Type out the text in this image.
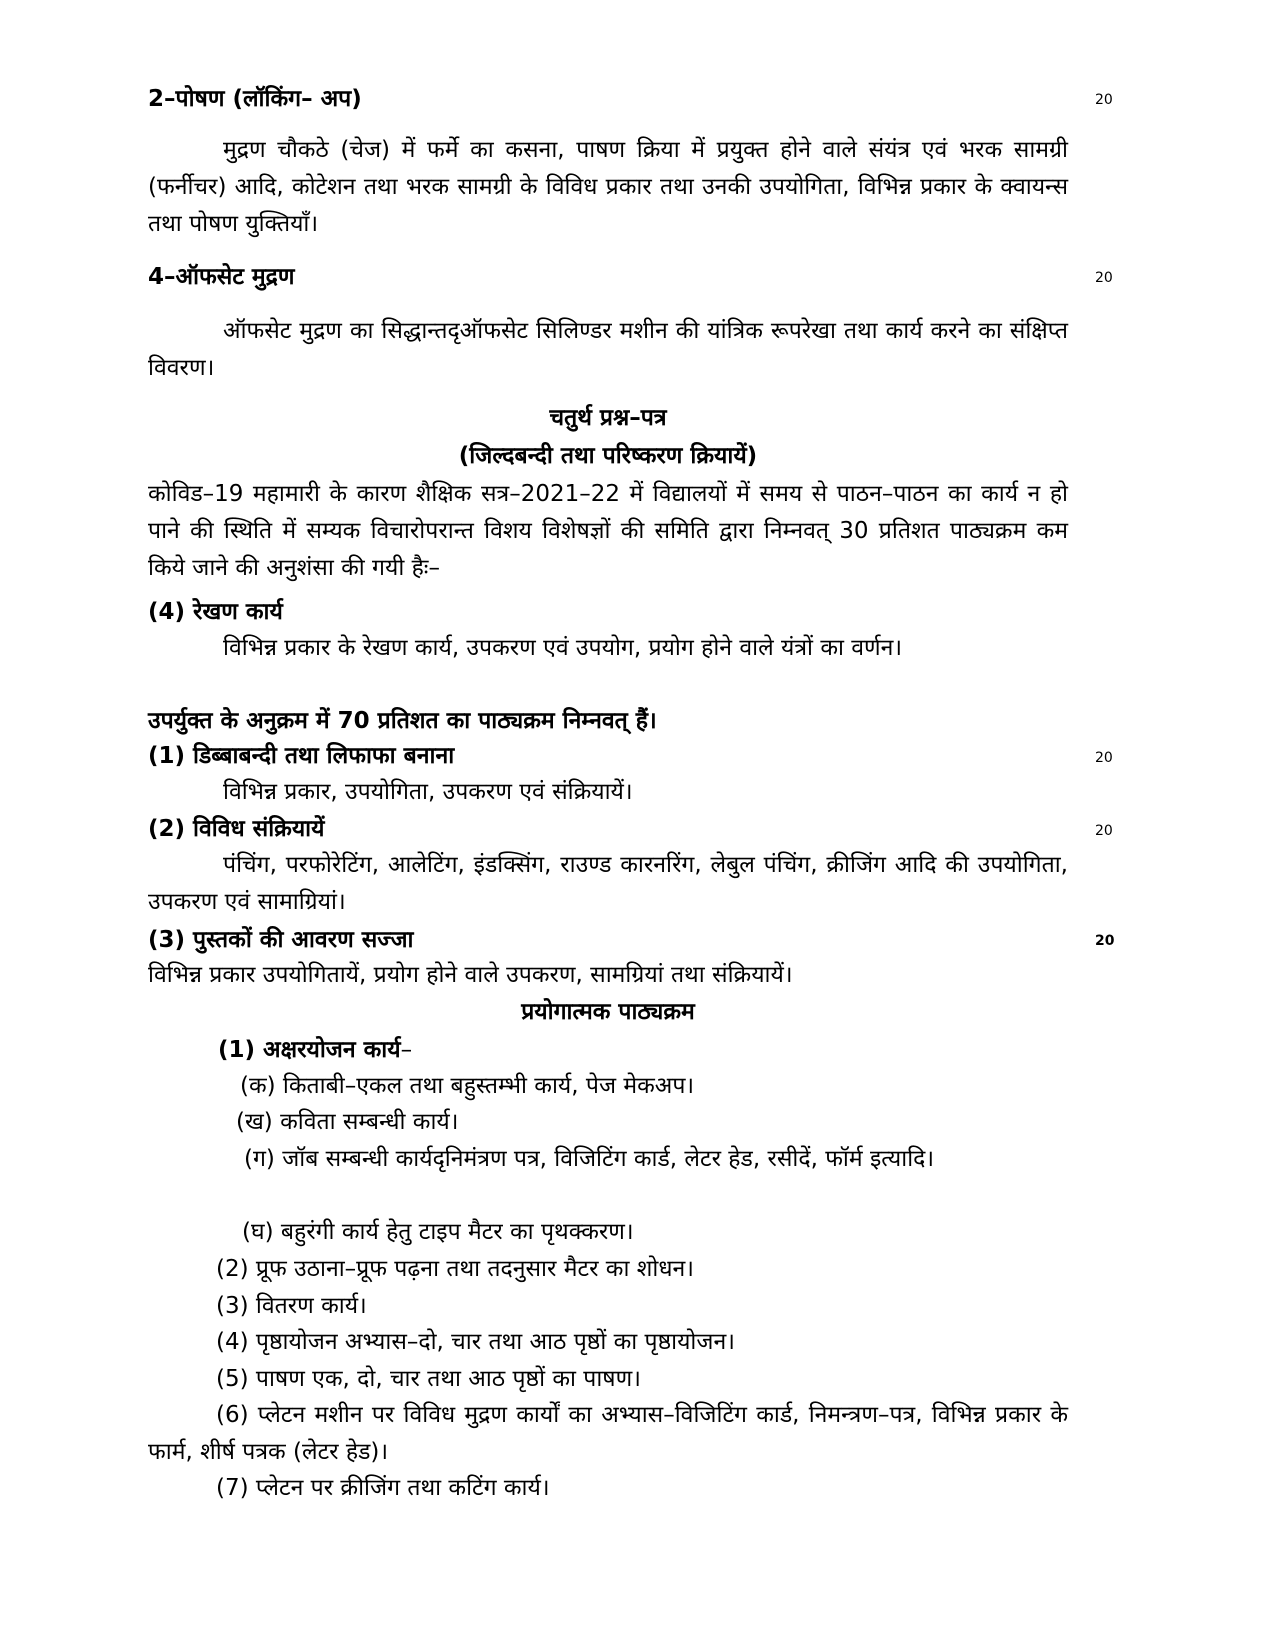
2–पोषण (लॉकिंग– अप)	20

मुद्रण चौकठे (चेज) में फर्मे का कसना, पाषण क्रिया में प्रयुक्त होने वाले संयंत्र एवं भरक सामग्री (फर्नीचर) आदि, कोटेशन तथा भरक सामग्री के विविध प्रकार तथा उनकी उपयोगिता, विभिन्न प्रकार के क्वायन्स तथा पोषण युक्तियाँ।

4–ऑफसेट मुद्रण	20

ऑफसेट मुद्रण का सिद्धान्तदृऑफसेट सिलिण्डर मशीन की यांत्रिक रूपरेखा तथा कार्य करने का संक्षिप्त विवरण।

चतुर्थ प्रश्न–पत्र
(जिल्दबन्दी तथा परिष्करण क्रियायें)

कोविड–19 महामारी के कारण शैक्षिक सत्र–2021–22 में विद्यालयों में समय से पाठन–पाठन का कार्य न हो पाने की स्थिति में सम्यक विचारोपरान्त विशय विशेषज्ञों की समिति द्वारा निम्नवत् 30 प्रतिशत पाठ्यक्रम कम किये जाने की अनुशंसा की गयी हैः–

(4) रेखण कार्य

विभिन्न प्रकार के रेखण कार्य, उपकरण एवं उपयोग, प्रयोग होने वाले यंत्रों का वर्णन।

उपर्युक्त के अनुक्रम में 70 प्रतिशत का पाठ्यक्रम निम्नवत् हैं।
(1) डिब्बाबन्दी तथा लिफाफा बनाना	20

विभिन्न प्रकार, उपयोगिता, उपकरण एवं संक्रियायें।

(2) विविध संक्रियायें	20

पंचिंग, परफोरेटिंग, आलेटिंग, इंडक्सिंग, राउण्ड कारनरिंग, लेबुल पंचिंग, क्रीजिंग आदि की उपयोगिता, उपकरण एवं सामाग्रियां।

(3) पुस्तकों की आवरण सज्जा	20

विभिन्न प्रकार उपयोगितायें, प्रयोग होने वाले उपकरण, सामग्रियां तथा संक्रियायें।

प्रयोगात्मक पाठ्यक्रम
(1) अक्षरयोजन कार्य–

(क) किताबी–एकल तथा बहुस्तम्भी कार्य, पेज मेकअप।

(ख) कविता सम्बन्धी कार्य।

(ग) जॉब सम्बन्धी कार्यदृनिमंत्रण पत्र, विजिटिंग कार्ड, लेटर हेड, रसीदें, फॉर्म इत्यादि।

(घ) बहुरंगी कार्य हेतु टाइप मैटर का पृथक्करण।

(2) प्रूफ उठाना–प्रूफ पढ़ना तथा तदनुसार मैटर का शोधन।

(3) वितरण कार्य।

(4) पृष्ठायोजन अभ्यास–दो, चार तथा आठ पृष्ठों का पृष्ठायोजन।

(5) पाषण एक, दो, चार तथा आठ पृष्ठों का पाषण।

(6) प्लेटन मशीन पर विविध मुद्रण कार्यों का अभ्यास–विजिटिंग कार्ड, निमन्त्रण–पत्र, विभिन्न प्रकार के फार्म, शीर्ष पत्रक (लेटर हेड)।

(7) प्लेटन पर क्रीजिंग तथा कटिंग कार्य।
